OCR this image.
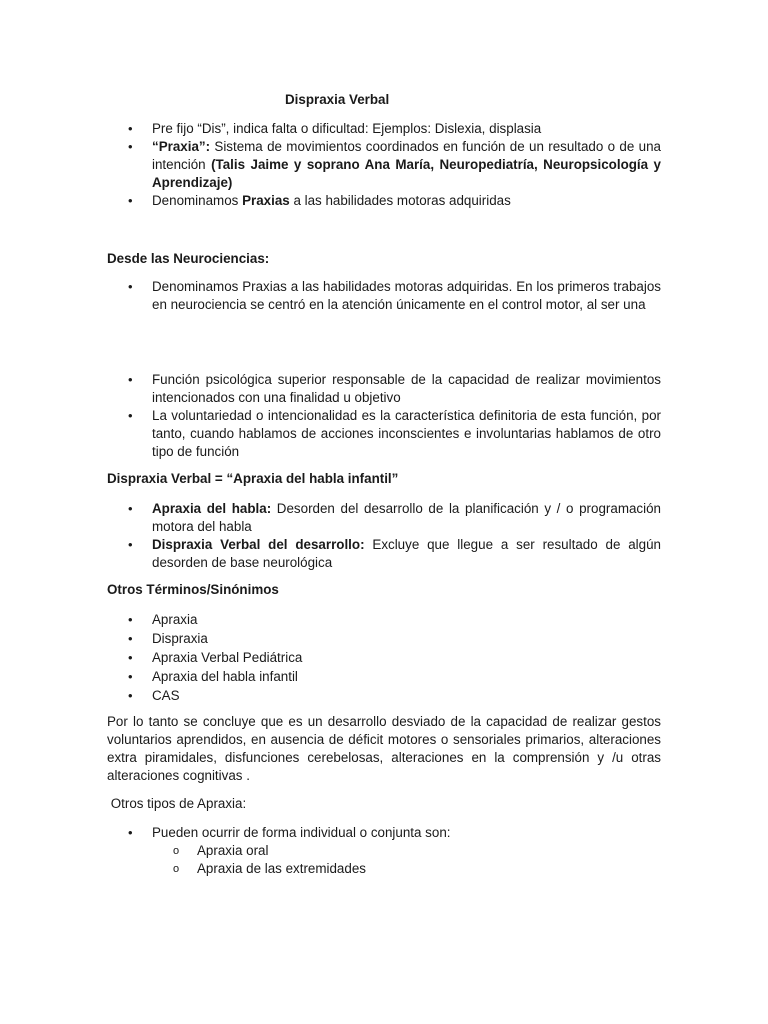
Dispraxia Verbal
• Pre fijo “Dis”, indica falta o dificultad: Ejemplos: Dislexia, displasia
• “Praxia”: Sistema de movimientos coordinados en función de un resultado o de una intención (Talis Jaime y soprano Ana María, Neuropediatría, Neuropsicología y Aprendizaje)
• Denominamos Praxias a las habilidades motoras adquiridas
Desde las Neurociencias:
• Denominamos Praxias a las habilidades motoras adquiridas. En los primeros trabajos en neurociencia se centró en la atención únicamente en el control motor, al ser una
• Función psicológica superior responsable de la capacidad de realizar movimientos intencionados con una finalidad u objetivo
• La voluntariedad o intencionalidad es la característica definitoria de esta función, por tanto, cuando hablamos de acciones inconscientes e involuntarias hablamos de otro tipo de función
Dispraxia Verbal = “Apraxia del habla infantil”
• Apraxia del habla: Desorden del desarrollo de la planificación y / o programación motora del habla
• Dispraxia Verbal del desarrollo: Excluye que llegue a ser resultado de algún desorden de base neurológica
Otros Términos/Sinónimos
• Apraxia
• Dispraxia
• Apraxia Verbal Pediátrica
• Apraxia del habla infantil
• CAS
Por lo tanto se concluye que es un desarrollo desviado de la capacidad de realizar gestos voluntarios aprendidos, en ausencia de déficit motores o sensoriales primarios, alteraciones extra piramidales, disfunciones cerebelosas, alteraciones en la comprensión y /u otras alteraciones cognitivas .
Otros tipos de Apraxia:
• Pueden ocurrir de forma individual o conjunta son:
o Apraxia oral
o Apraxia de las extremidades
